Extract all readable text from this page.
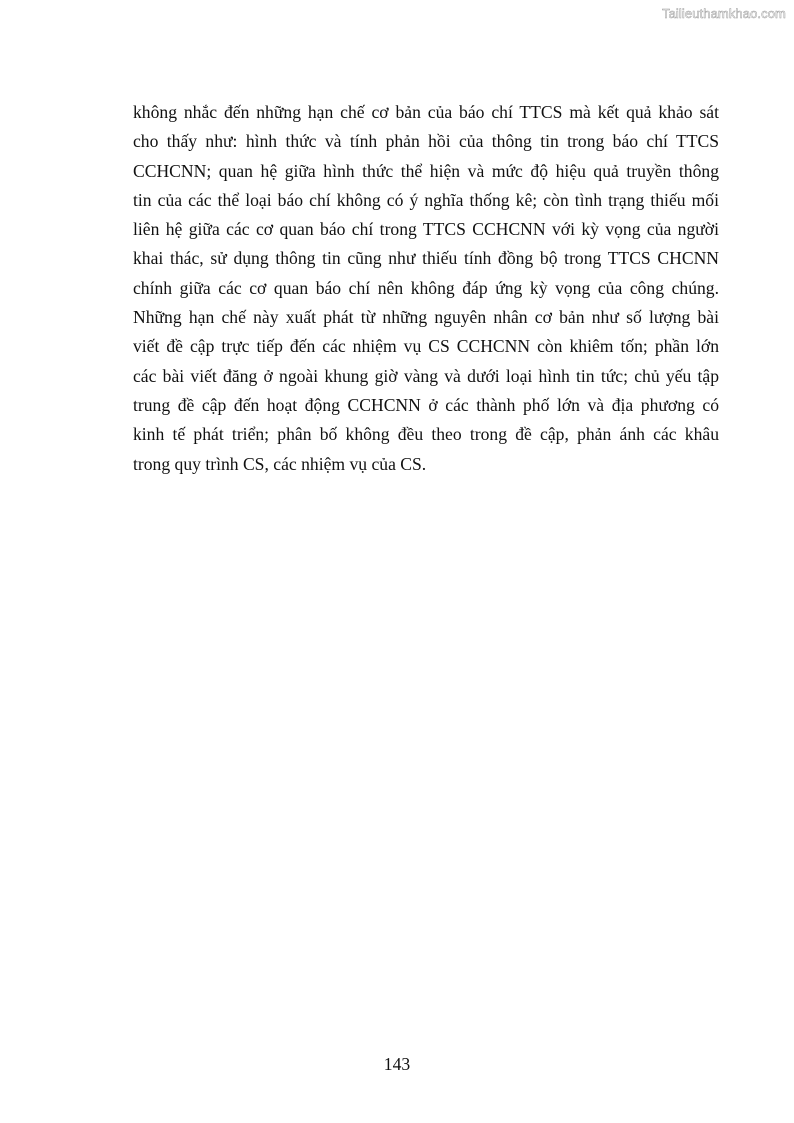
Tailieuthamkhao.com
không nhắc đến những hạn chế cơ bản của báo chí TTCS mà kết quả khảo sát
cho thấy như: hình thức và tính phản hồi của thông tin trong báo chí TTCS
CCHCNN; quan hệ giữa hình thức thể hiện và mức độ hiệu quả truyền thông
tin của các thể loại báo chí không có ý nghĩa thống kê; còn tình trạng thiếu mối
liên hệ giữa các cơ quan báo chí trong TTCS CCHCNN với kỳ vọng của người
khai thác, sử dụng thông tin cũng như thiếu tính đồng bộ trong TTCS CHCNN
chính giữa các cơ quan báo chí nên không đáp ứng kỳ vọng của công chúng.
Những hạn chế này xuất phát từ những nguyên nhân cơ bản như số lượng bài
viết đề cập trực tiếp đến các nhiệm vụ CS CCHCNN còn khiêm tốn; phần lớn
các bài viết đăng ở ngoài khung giờ vàng và dưới loại hình tin tức; chủ yếu tập
trung đề cập đến hoạt động CCHCNN ở các thành phố lớn và địa phương có
kinh tế phát triển; phân bố không đều theo trong đề cập, phản ánh các khâu
trong quy trình CS, các nhiệm vụ của CS.
143
